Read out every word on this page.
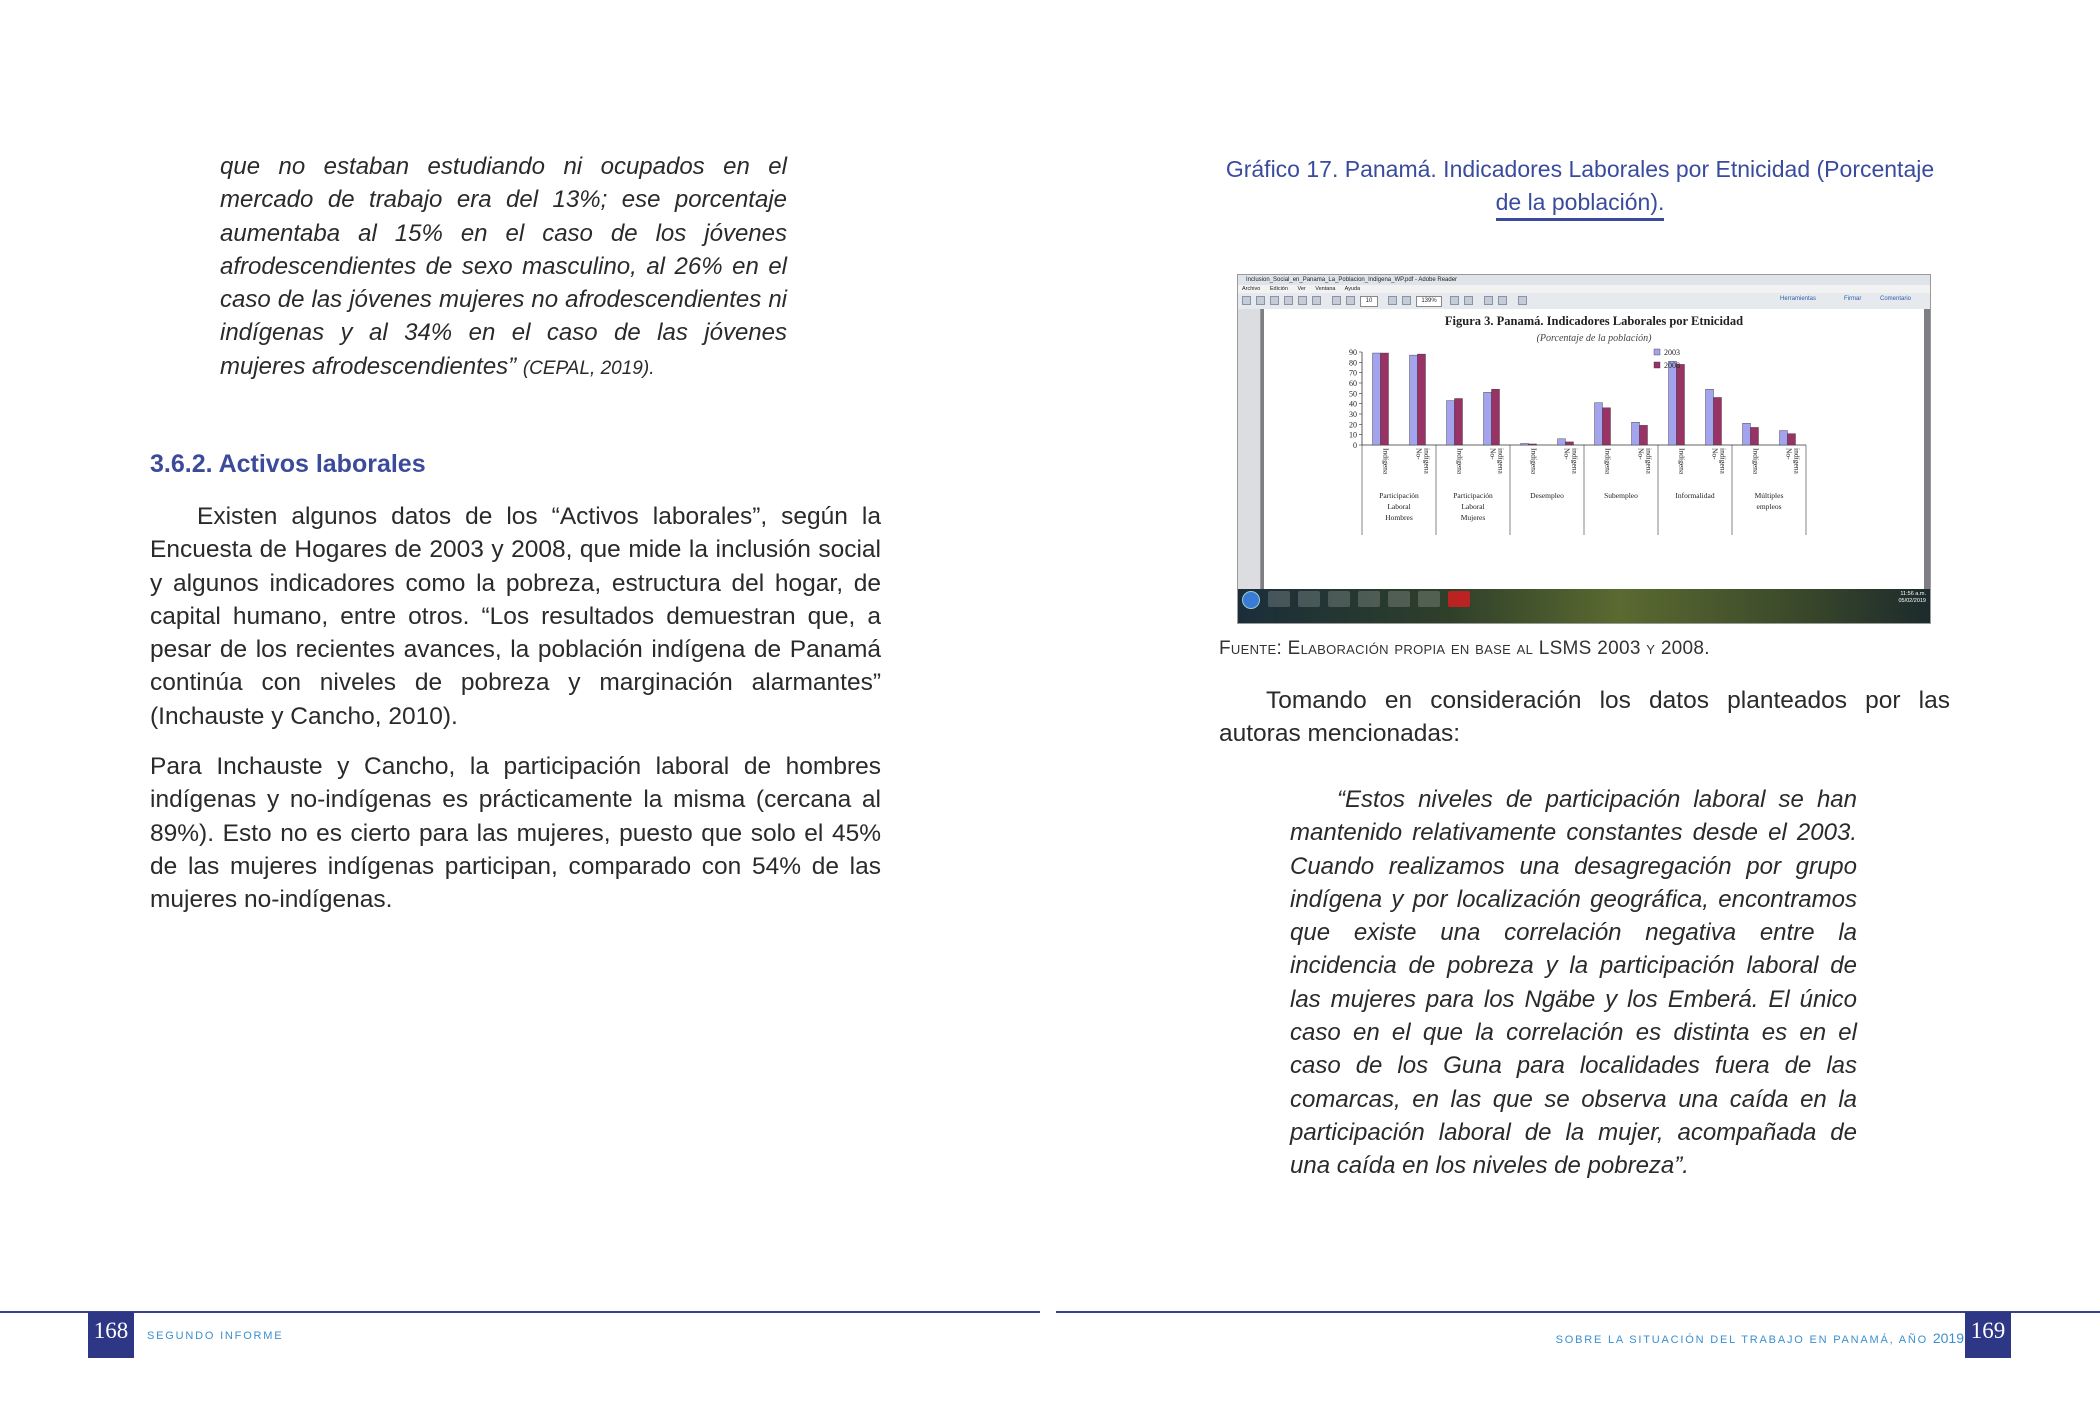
que no estaban estudiando ni ocupados en el mercado de trabajo era del 13%; ese porcentaje aumentaba al 15% en el caso de los jóvenes afrodescendientes de sexo masculino, al 26% en el caso de las jóvenes mujeres no afrodescendientes ni indígenas y al 34% en el caso de las jóvenes mujeres afrodescendientes” (CEPAL, 2019).

3.6.2. Activos laborales

Existen algunos datos de los “Activos laborales”, según la Encuesta de Hogares de 2003 y 2008, que mide la inclusión social y algunos indicadores como la pobreza, estructura del hogar, de capital humano, entre otros. “Los resultados demuestran que, a pesar de los recientes avances, la población indígena de Panamá continúa con niveles de pobreza y marginación alarmantes” (Inchauste y Cancho, 2010).

Para Inchauste y Cancho, la participación laboral de hombres indígenas y no-indígenas es prácticamente la misma (cercana al 89%). Esto no es cierto para las mujeres, puesto que solo el 45% de las mujeres indígenas participan, comparado con 54% de las mujeres no-indígenas.

Gráfico 17. Panamá. Indicadores Laborales por Etnicidad (Porcentaje
de la población).
Inclusion_Social_en_Panama_La_Poblacion_Indigena_WP.pdf - Adobe Reader
Archivo Edición Ver Ventana Ayuda
10	139%	Herramientas	Firmar	Comentario
Figura 3. Panamá. Indicadores Laborales por Etnicidad
(Porcentaje de la población)
0
10
20
30
40
50
60
70
80
90
Indígena	No- indígena	Indígena	No- indígena	Indígena	No- indígena	Indígena	No- indígena	Indígena	No- indígena	Indígena	No- indígena
Participación
Laboral
Hombres
Participación
Laboral
Mujeres
Desempleo	Subempleo	Informalidad	Múltiples
empleos
2003
2008
11:56 a.m.
05/02/2019
Fuente: Elaboración propia en base al LSMS 2003 y 2008.

Tomando en consideración los datos planteados por las autoras mencionadas:

“Estos niveles de participación laboral se han mantenido relativamente constantes desde el 2003. Cuando realizamos una desagregación por grupo indígena y por localización geográfica, encontramos que existe una correlación negativa entre la incidencia de pobreza y la participación laboral de las mujeres para los Ngäbe y los Emberá. El único caso en el que la correlación es distinta es en el caso de los Guna para localidades fuera de las comarcas, en las que se observa una caída en la participación laboral de la mujer, acompañada de una caída en los niveles de pobreza”.

168	SEGUNDO INFORME	SOBRE LA SITUACIÓN DEL TRABAJO EN PANAMÁ, AÑO 2019 169
